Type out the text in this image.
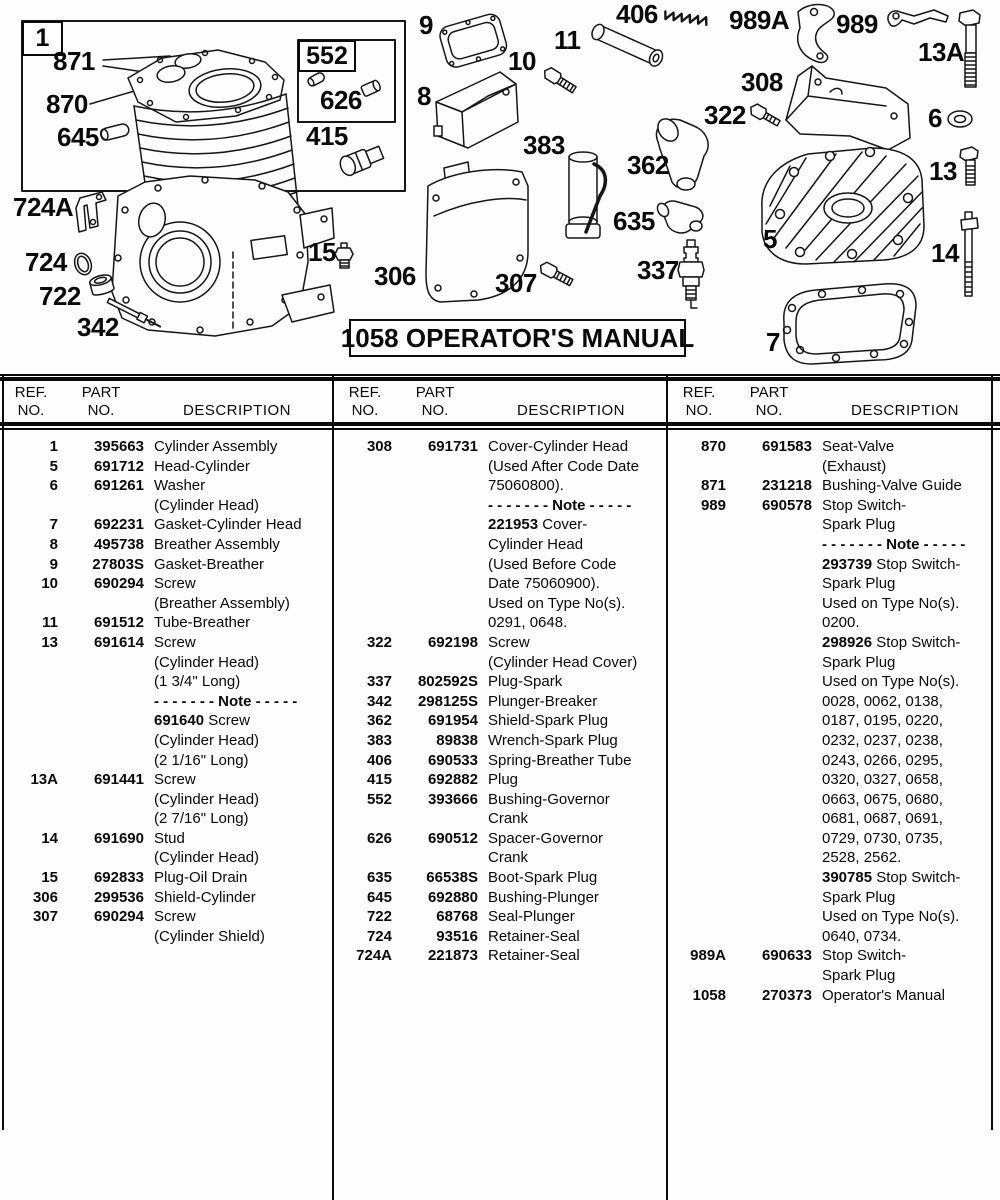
1
552
1058 OPERATOR'S MANUAL
871
870
645
724A
724
722
342
626
415
15
9
10
8
11
306	307
383
362
635
337
406	989A 989
308
322
13A
6
13
5	14
7
REF.	PART
NO.	NO.	DESCRIPTION
REF.	PART
NO.	NO.	DESCRIPTION
REF.	PART
NO.	NO.	DESCRIPTION
1	395663 Cylinder Assembly
5	691712 Head-Cylinder
6	691261 Washer
(Cylinder Head)
7	692231 Gasket-Cylinder Head
8	495738 Breather Assembly
9	27803S Gasket-Breather
10	690294 Screw
(Breather Assembly)
11	691512 Tube-Breather
13	691614 Screw
(Cylinder Head)
(1 3/4" Long)
- - - - - - - Note - - - - -
691640 Screw
(Cylinder Head)
(2 1/16" Long)
13A	691441 Screw
(Cylinder Head)
(2 7/16" Long)
14	691690 Stud
(Cylinder Head)
15	692833 Plug-Oil Drain
306	299536 Shield-Cylinder
307	690294 Screw
(Cylinder Shield)
308	691731 Cover-Cylinder Head
(Used After Code Date
75060800).
- - - - - - - Note - - - - -
221953 Cover-
Cylinder Head
(Used Before Code
Date 75060900).
Used on Type No(s).
0291, 0648.
322	692198 Screw
(Cylinder Head Cover)
337	802592S Plug-Spark
342	298125S Plunger-Breaker
362	691954 Shield-Spark Plug
383	89838 Wrench-Spark Plug
406	690533 Spring-Breather Tube
415	692882 Plug
552	393666 Bushing-Governor
Crank
626	690512 Spacer-Governor
Crank
635	66538S Boot-Spark Plug
645	692880 Bushing-Plunger
722	68768 Seal-Plunger
724	93516 Retainer-Seal
724A	221873 Retainer-Seal
870	691583 Seat-Valve
(Exhaust)
871	231218 Bushing-Valve Guide
989	690578 Stop Switch-
Spark Plug
- - - - - - - Note - - - - -
293739 Stop Switch-
Spark Plug
Used on Type No(s).
0200.
298926 Stop Switch-
Spark Plug
Used on Type No(s).
0028, 0062, 0138,
0187, 0195, 0220,
0232, 0237, 0238,
0243, 0266, 0295,
0320, 0327, 0658,
0663, 0675, 0680,
0681, 0687, 0691,
0729, 0730, 0735,
2528, 2562.
390785 Stop Switch-
Spark Plug
Used on Type No(s).
0640, 0734.
989A	690633 Stop Switch-
Spark Plug
1058	270373 Operator's Manual
